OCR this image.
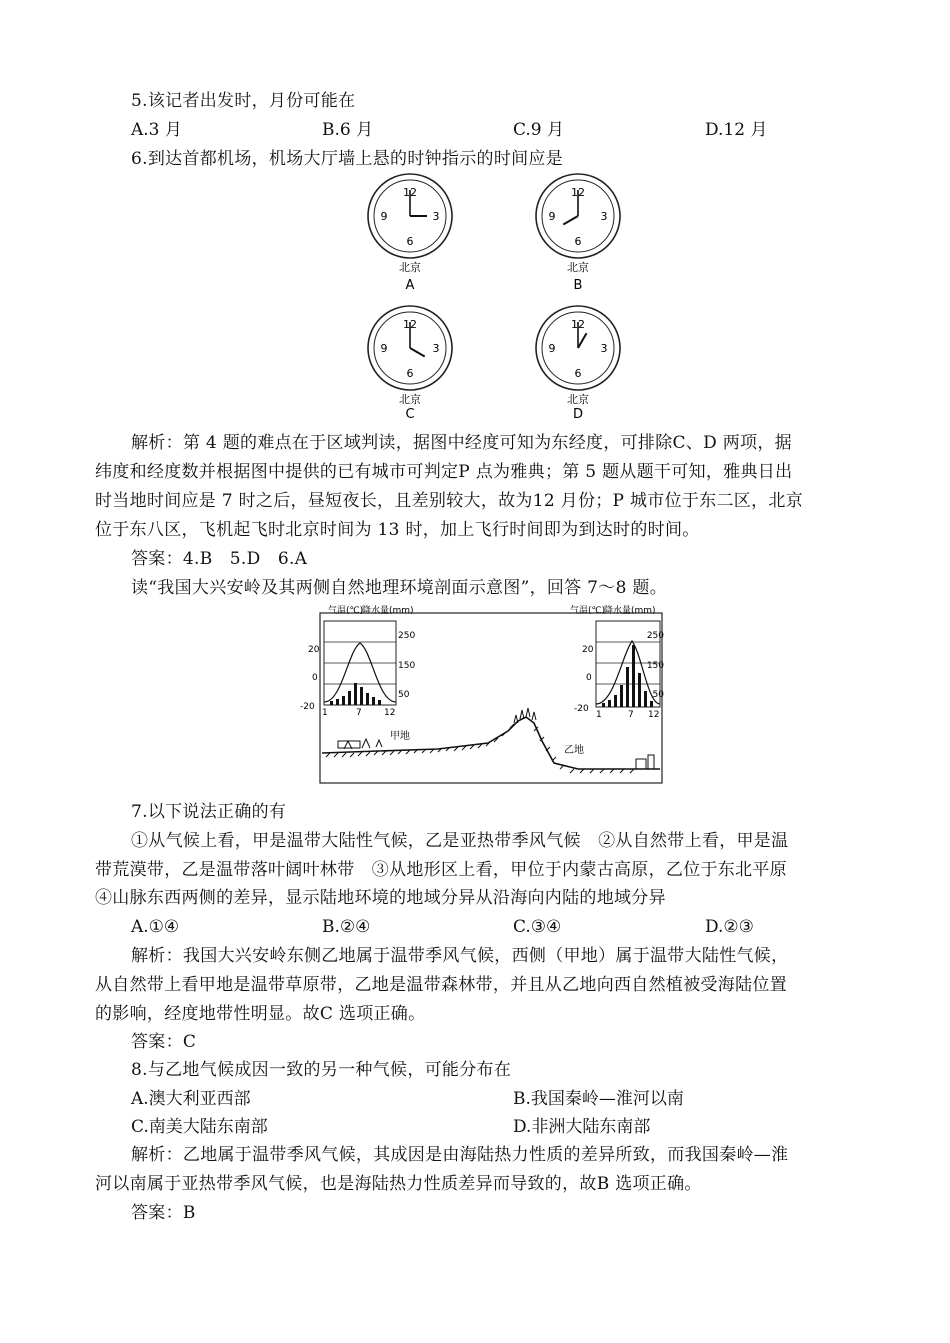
5.该记者出发时，月份可能在
A.3 月	B.6 月	C.9 月	D.12 月
6.到达首都机场，机场大厅墙上悬的时钟指示的时间应是
12
3
6
9
北京
A
12
3
6
9
北京
B
12
3
6
9
北京
C
12
3
6
9
北京
D
解析：第 4 题的难点在于区域判读，据图中经度可知为东经度，可排除C、D 两项，据
纬度和经度数并根据图中提供的已有城市可判定P 点为雅典；第 5 题从题干可知，雅典日出
时当地时间应是 7 时之后，昼短夜长，且差别较大，故为12 月份；P 城市位于东二区，北京
位于东八区，飞机起飞时北京时间为 13 时，加上飞行时间即为到达时的时间。
答案：4.B　5.D　6.A
读“我国大兴安岭及其两侧自然地理环境剖面示意图”，回答 7～8 题。
气温(℃)
降水量(mm)
20
0
-20
250
150
50
1	7 12
气温(℃)
降水量(mm)
20
0
-20
250
150
50
1	7 12
甲地
乙地
7.以下说法正确的有
①从气候上看，甲是温带大陆性气候，乙是亚热带季风气候　②从自然带上看，甲是温
带荒漠带，乙是温带落叶阔叶林带　③从地形区上看，甲位于内蒙古高原，乙位于东北平原
④山脉东西两侧的差异，显示陆地环境的地域分异从沿海向内陆的地域分异
A.①④	B.②④	C.③④	D.②③
解析：我国大兴安岭东侧乙地属于温带季风气候，西侧（甲地）属于温带大陆性气候，
从自然带上看甲地是温带草原带，乙地是温带森林带，并且从乙地向西自然植被受海陆位置
的影响，经度地带性明显。故C 选项正确。
答案：C
8.与乙地气候成因一致的另一种气候，可能分布在
A.澳大利亚西部	B.我国秦岭—淮河以南
C.南美大陆东南部	D.非洲大陆东南部
解析：乙地属于温带季风气候，其成因是由海陆热力性质的差异所致，而我国秦岭—淮
河以南属于亚热带季风气候，也是海陆热力性质差异而导致的，故B 选项正确。
答案：B
